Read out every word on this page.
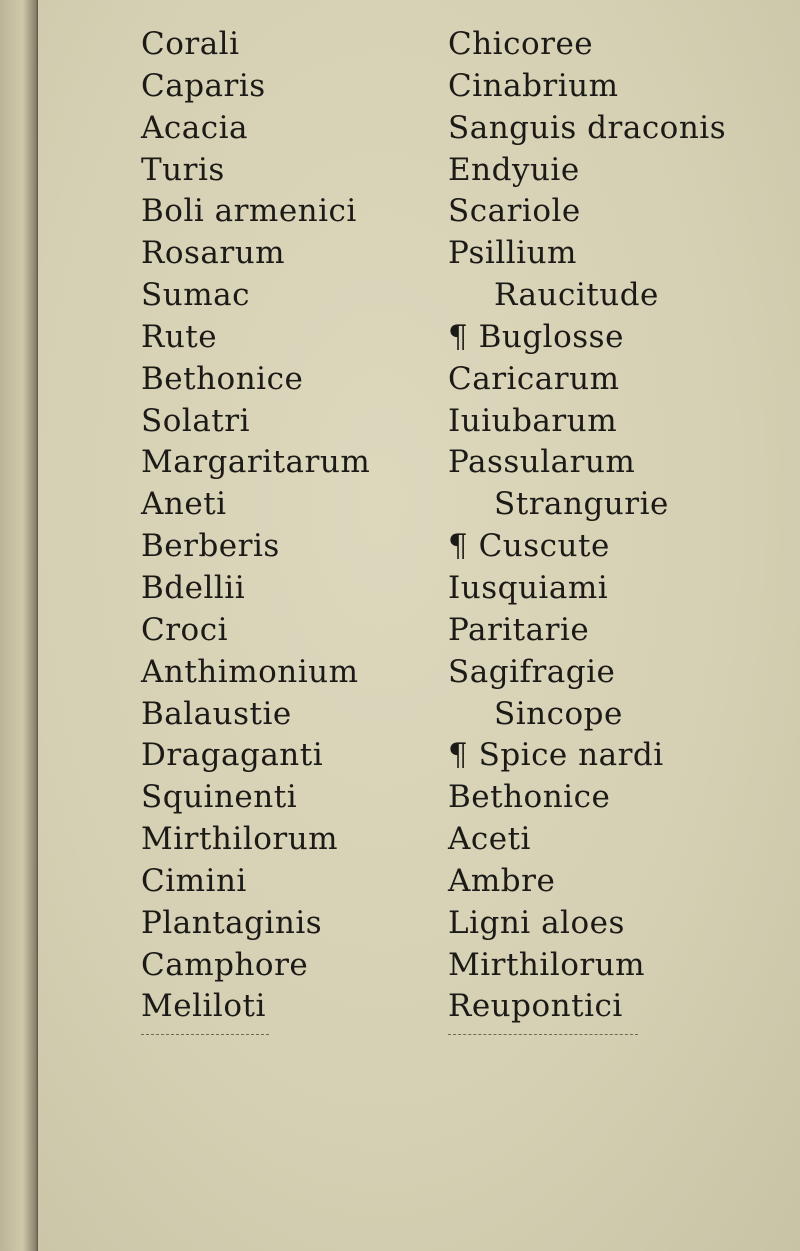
Corali
Caparis
Acacia
Turis
Boli armenici
Rosarum
Sumac
Rute
Bethonice
Solatri
Margaritarum
Aneti
Berberis
Bdellii
Croci
Anthimonium
Balaustie
Dragaganti
Squinenti
Mirthilorum
Cimini
Plantaginis
Camphore
Meliloti
Chicoree
Cinabrium
Sanguis draconis
Endyuie
Scariole
Psillium
Raucitude
¶ Buglosse
Caricarum
Iuiubarum
Passularum
Strangurie
¶ Cuscute
Iusquiami
Paritarie
Sagifragie
Sincope
¶ Spice nardi
Bethonice
Aceti
Ambre
Ligni aloes
Mirthilorum
Reupontici
